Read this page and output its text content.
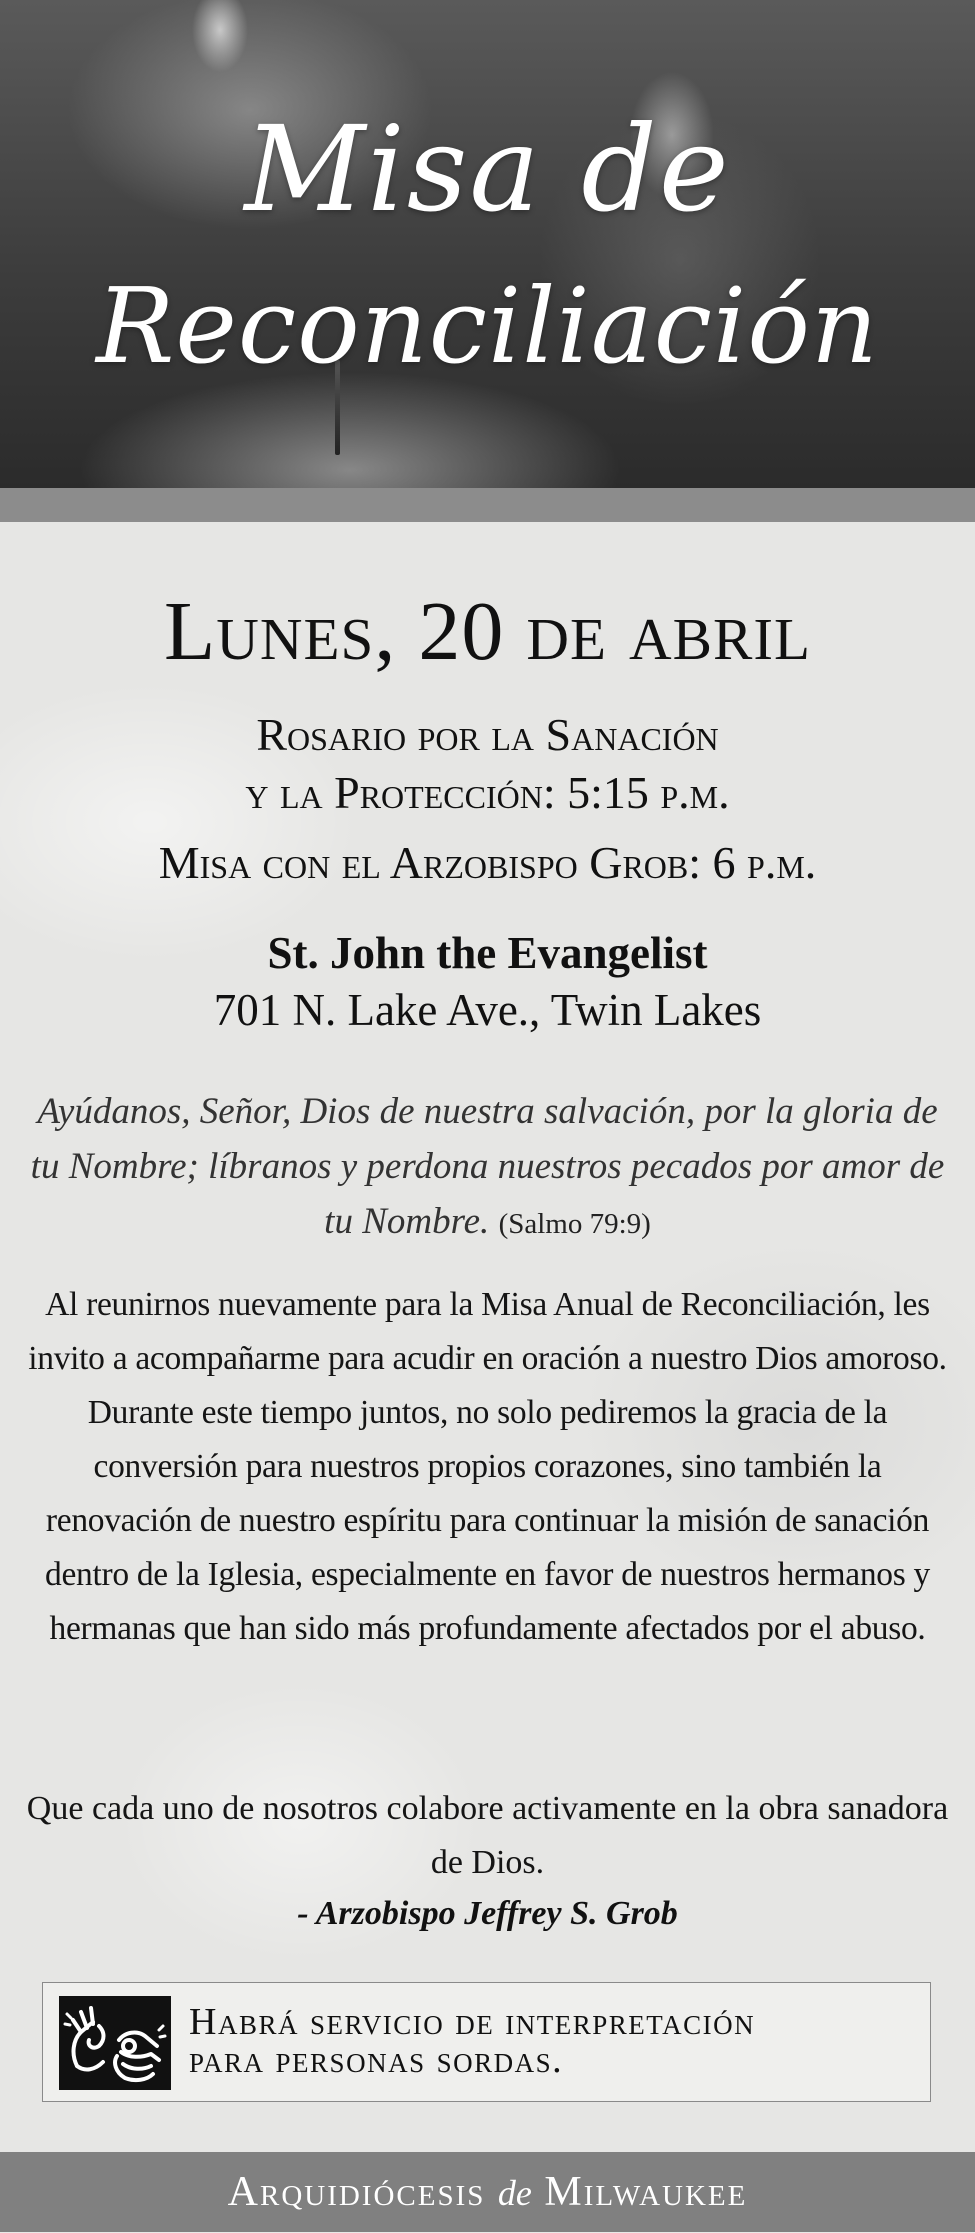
Misa de
Reconciliación

Lunes, 20 de abril

Rosario por la Sanación
y la Protección: 5:15 p.m.

Misa con el Arzobispo Grob: 6 p.m.

St. John the Evangelist

701 N. Lake Ave., Twin Lakes

Ayúdanos, Señor, Dios de nuestra salvación, por la gloria de tu Nombre; líbranos y perdona nuestros pecados por amor de tu Nombre. (Salmo 79:9)

Al reunirnos nuevamente para la Misa Anual de Reconciliación, les invito a acompañarme para acudir en oración a nuestro Dios amoroso. Durante este tiempo juntos, no solo pediremos la gracia de la conversión para nuestros propios corazones, sino también la renovación de nuestro espíritu para continuar la misión de sanación dentro de la Iglesia, especialmente en favor de nuestros hermanos y hermanas que han sido más profundamente afectados por el abuso.

Que cada uno de nosotros colabore activamente en la obra sanadora de Dios.

- Arzobispo Jeffrey S. Grob

Habrá servicio de interpretación
para personas sordas.

Arquidiócesis de Milwaukee
